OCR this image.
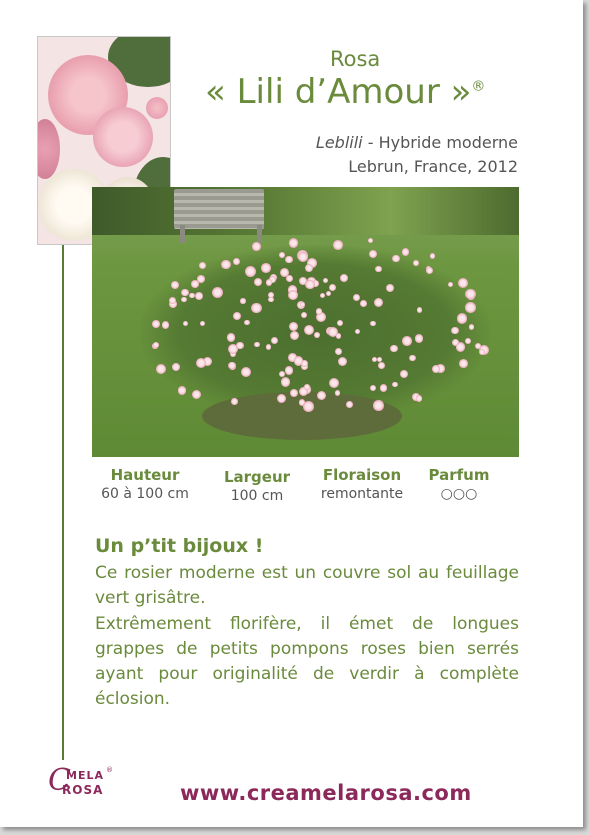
Rosa
« Lili d’Amour »®
Leblili - Hybride moderne
Lebrun, France, 2012
Hauteur
60 à 100 cm
Largeur
100 cm
Floraison
remontante
Parfum
○○○
Un p’tit bijoux !
Ce rosier moderne est un couvre sol au feuillage vert grisâtre.
Extrêmement florifère, il émet de longues grappes de petits pompons roses bien serrés ayant pour originalité de verdir à complète éclosion.
C
MELA
ROSA
®
www.creamelarosa.com
